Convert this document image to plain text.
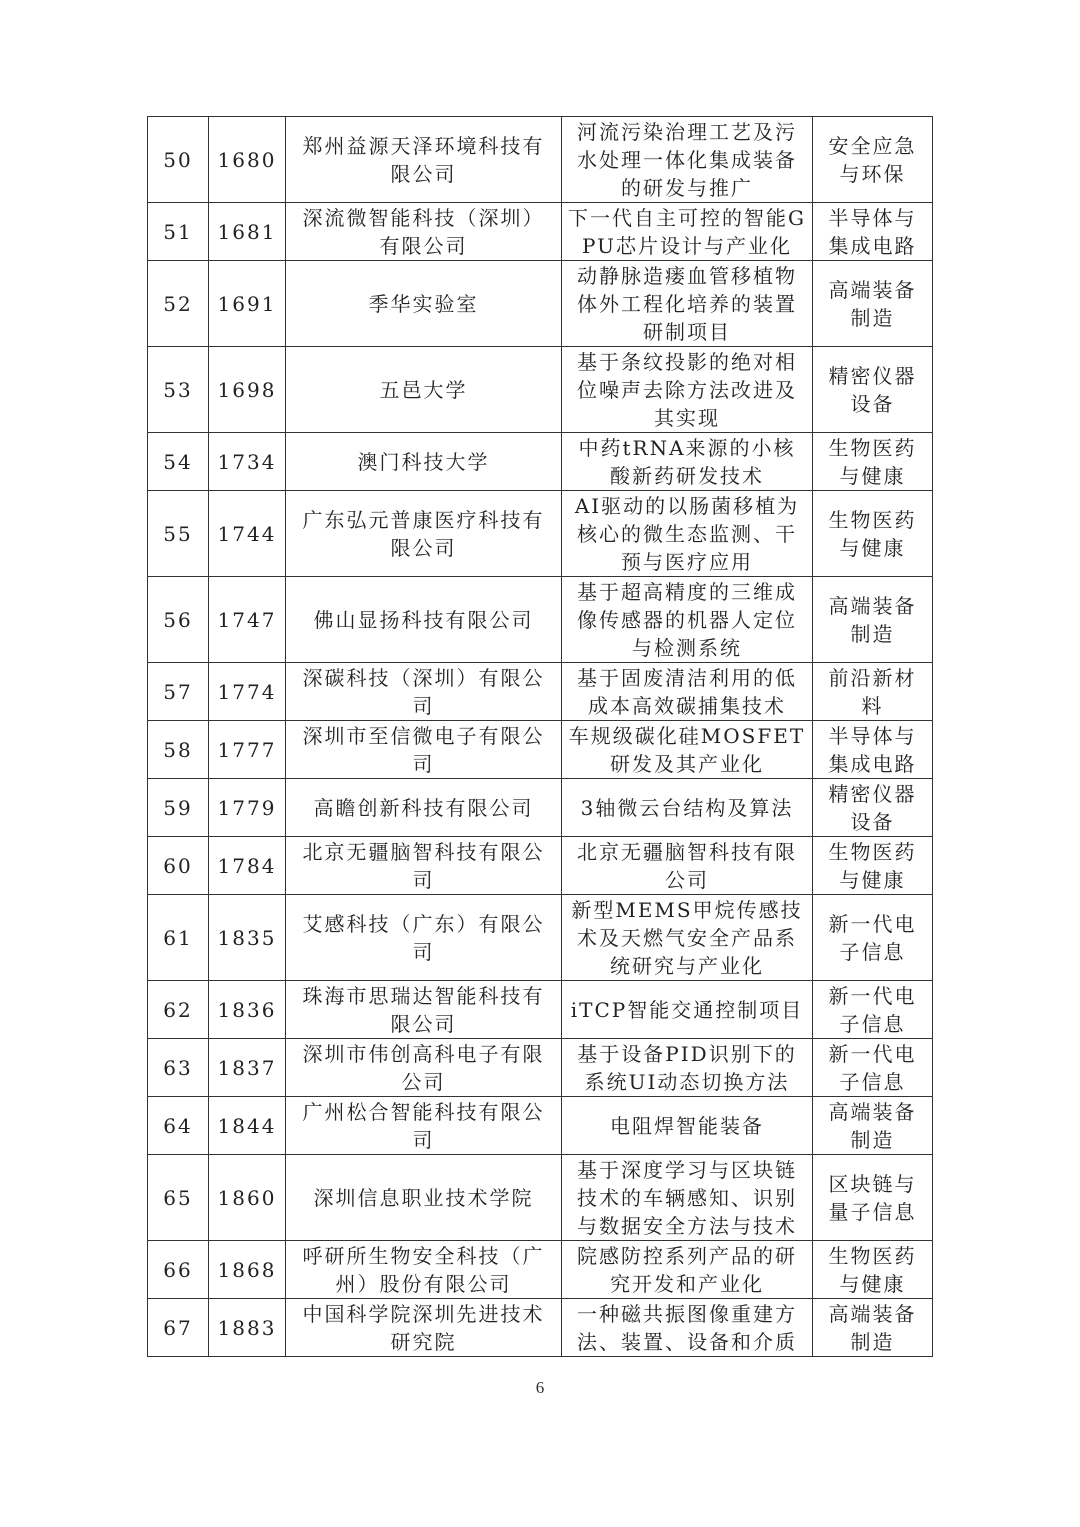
50	1680	郑州益源天泽环境科技有限公司	河流污染治理工艺及污水处理一体化集成装备的研发与推广	安全应急与环保
51	1681	深流微智能科技（深圳）有限公司	下一代自主可控的智能GPU芯片设计与产业化	半导体与集成电路
52	1691	季华实验室	动静脉造瘘血管移植物体外工程化培养的装置研制项目	高端装备制造
53	1698	五邑大学	基于条纹投影的绝对相位噪声去除方法改进及其实现	精密仪器设备
54	1734	澳门科技大学	中药tRNA来源的小核酸新药研发技术	生物医药与健康
55	1744	广东弘元普康医疗科技有限公司	AI驱动的以肠菌移植为核心的微生态监测、干预与医疗应用	生物医药与健康
56	1747	佛山显扬科技有限公司	基于超高精度的三维成像传感器的机器人定位与检测系统	高端装备制造
57	1774	深碳科技（深圳）有限公司	基于固废清洁利用的低成本高效碳捕集技术	前沿新材料
58	1777	深圳市至信微电子有限公司	车规级碳化硅MOSFET研发及其产业化	半导体与集成电路
59	1779	高瞻创新科技有限公司	3轴微云台结构及算法	精密仪器设备
60	1784	北京无疆脑智科技有限公司	北京无疆脑智科技有限公司	生物医药与健康
61	1835	艾感科技（广东）有限公司	新型MEMS甲烷传感技术及天燃气安全产品系统研究与产业化	新一代电子信息
62	1836	珠海市思瑞达智能科技有限公司	iTCP智能交通控制项目	新一代电子信息
63	1837	深圳市伟创高科电子有限公司	基于设备PID识别下的系统UI动态切换方法	新一代电子信息
64	1844	广州松合智能科技有限公司	电阻焊智能装备	高端装备制造
65	1860	深圳信息职业技术学院	基于深度学习与区块链技术的车辆感知、识别与数据安全方法与技术	区块链与量子信息
66	1868	呼研所生物安全科技（广州）股份有限公司	院感防控系列产品的研究开发和产业化	生物医药与健康
67	1883	中国科学院深圳先进技术研究院	一种磁共振图像重建方法、装置、设备和介质	高端装备制造
6
